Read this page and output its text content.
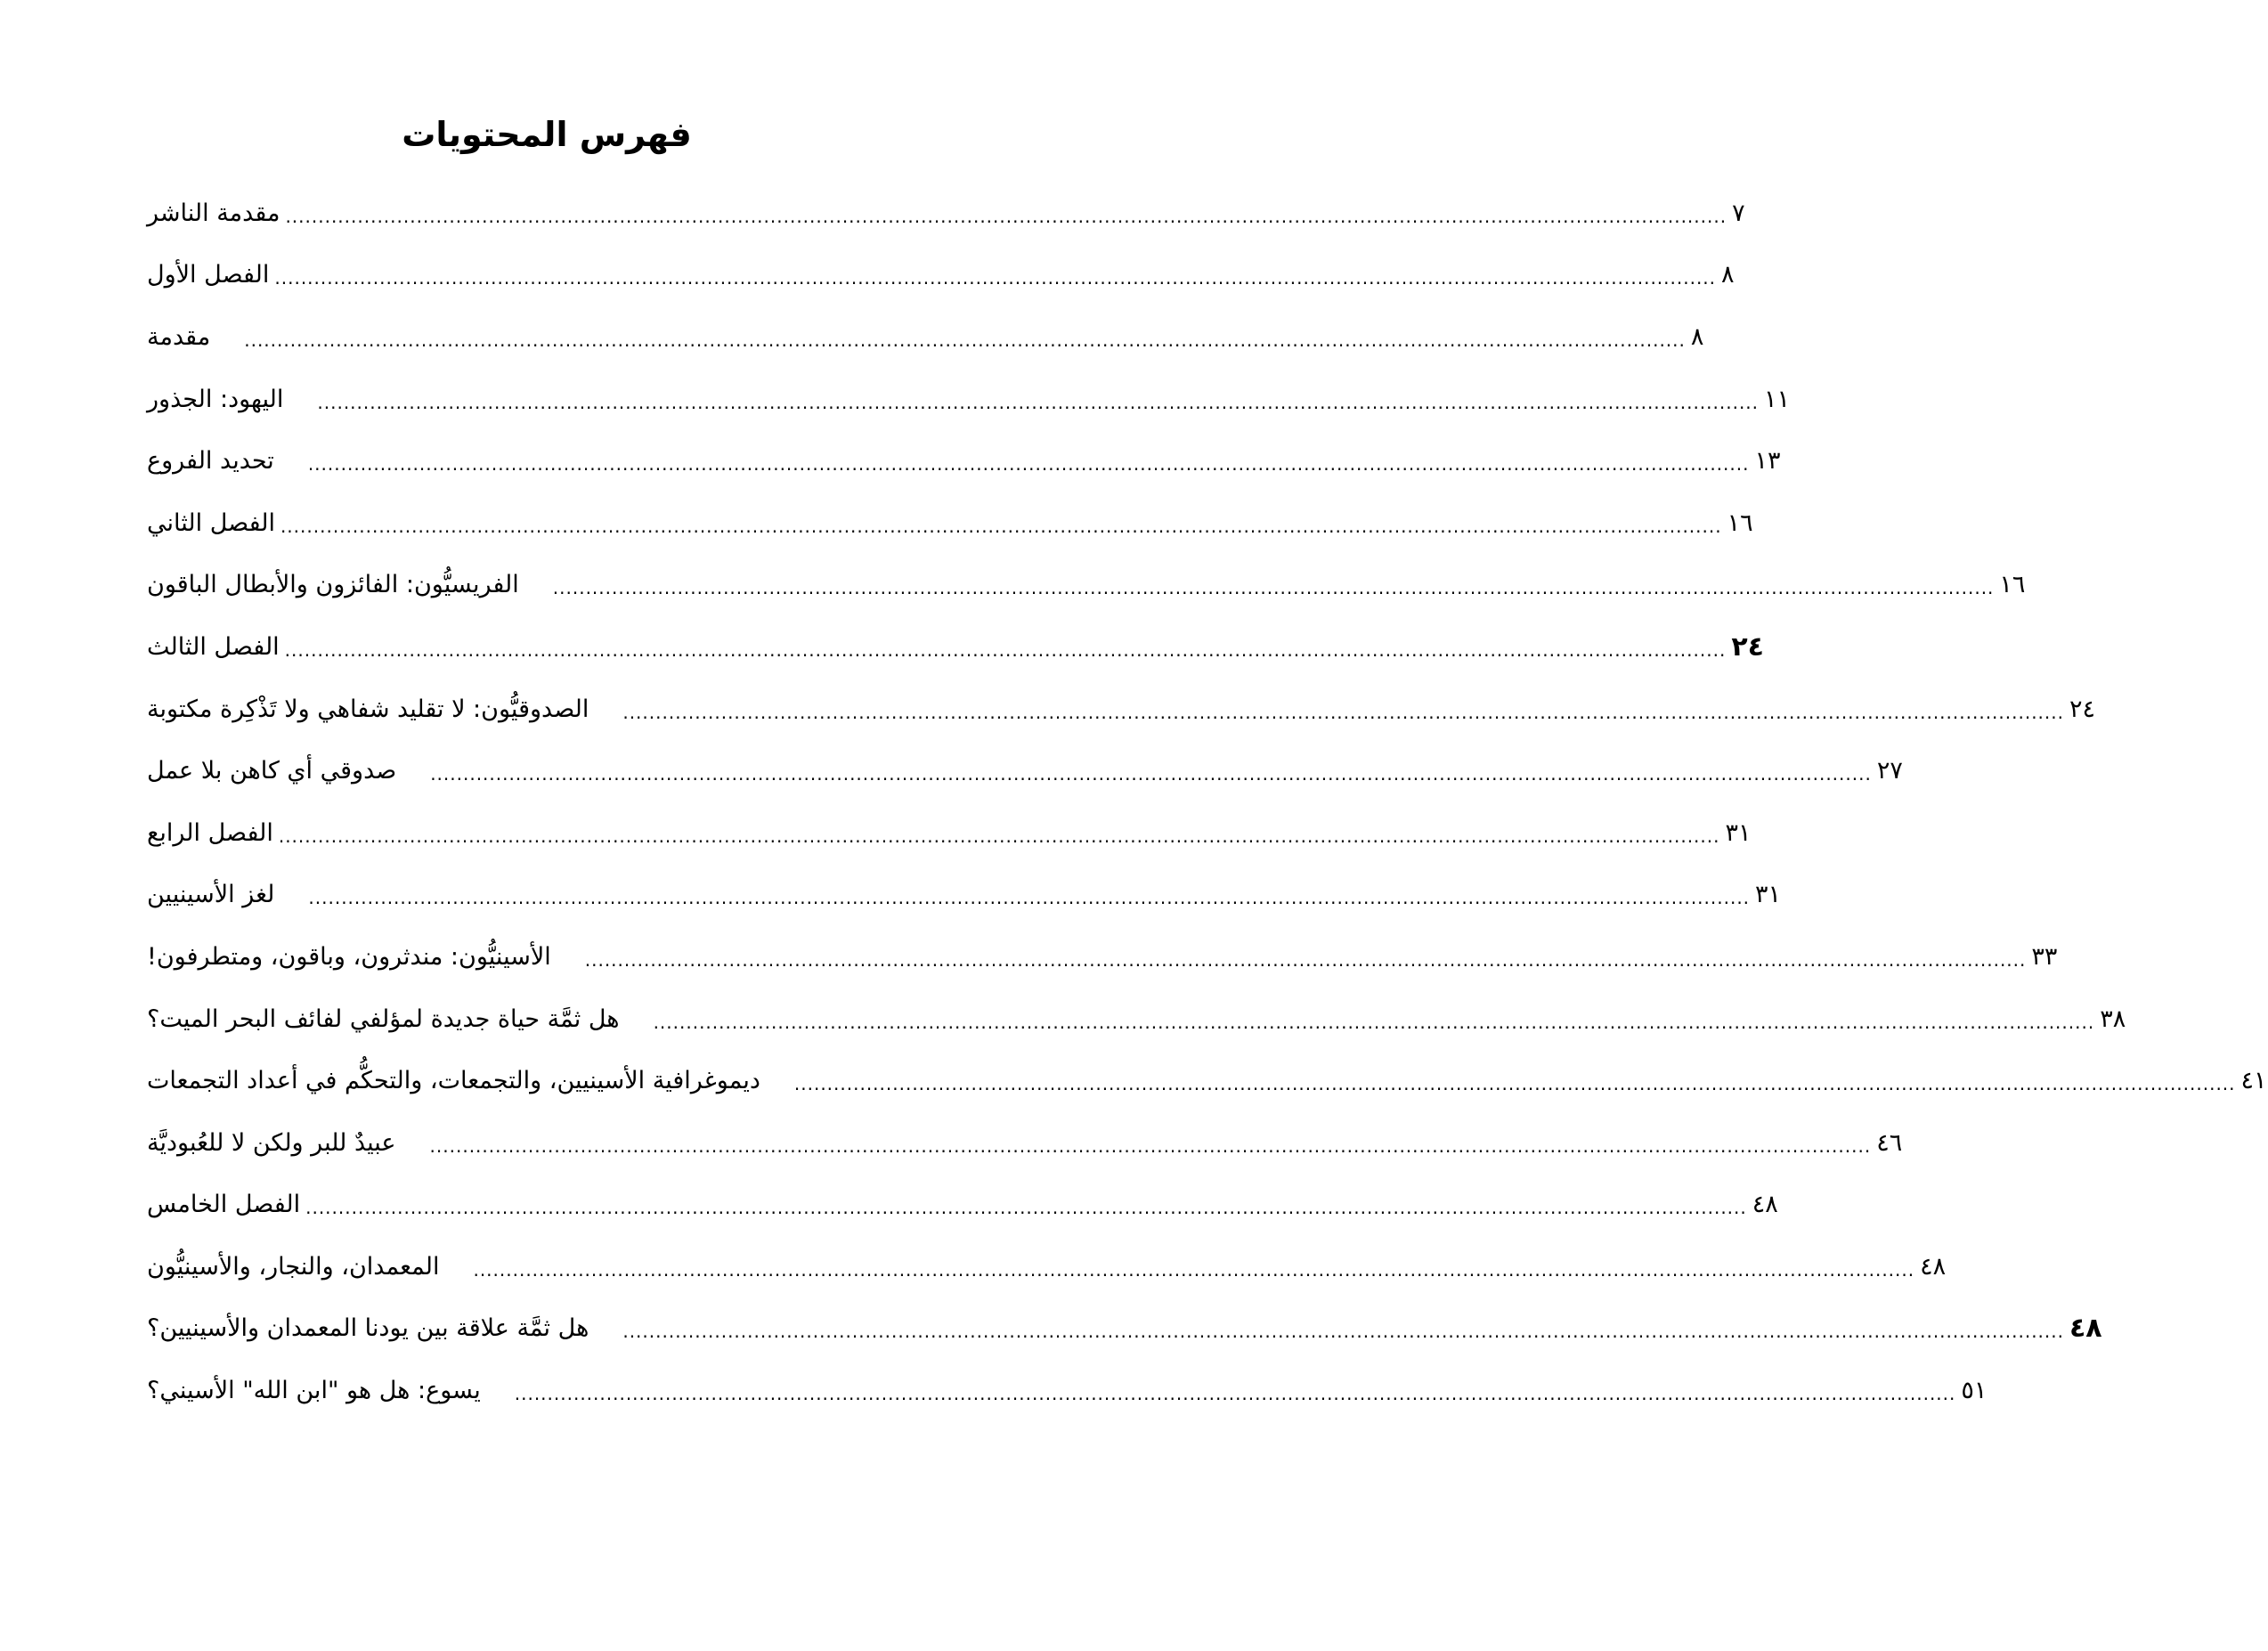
فهرس المحتويات
مقدمة الناشر ............................................................................................................................................................................................................................ ٧
الفصل الأول ............................................................................................................................................................................................................................ ٨
مقدمة ............................................................................................................................................................................................................................ ٨
اليهود: الجذور ............................................................................................................................................................................................................................ ١١
تحديد الفروع ............................................................................................................................................................................................................................ ١٣
الفصل الثاني ............................................................................................................................................................................................................................ ١٦
الفريسيُّون: الفائزون والأبطال الباقون ............................................................................................................................................................................................................................ ١٦
الفصل الثالث ............................................................................................................................................................................................................................ ٢٤
الصدوقيُّون: لا تقليد شفاهي ولا تَذْكِرة مكتوبة ............................................................................................................................................................................................................................ ٢٤
صدوقي أي كاهن بلا عمل ............................................................................................................................................................................................................................ ٢٧
الفصل الرابع ............................................................................................................................................................................................................................ ٣١
لغز الأسينيين ............................................................................................................................................................................................................................ ٣١
الأسينيُّون: مندثرون، وباقون، ومتطرفون! ............................................................................................................................................................................................................................ ٣٣
هل ثمَّة حياة جديدة لمؤلفي لفائف البحر الميت؟ ............................................................................................................................................................................................................................ ٣٨
ديموغرافية الأسينيين، والتجمعات، والتحكُّم في أعداد التجمعات ............................................................................................................................................................................................................................ ٤١
عبيدٌ للبر ولكن لا للعُبوديَّة ............................................................................................................................................................................................................................ ٤٦
الفصل الخامس ............................................................................................................................................................................................................................ ٤٨
المعمدان، والنجار، والأسينيُّون ............................................................................................................................................................................................................................ ٤٨
هل ثمَّة علاقة بين يودنا المعمدان والأسينيين؟ ............................................................................................................................................................................................................................ ٤٨
يسوع: هل هو "ابن الله" الأسيني؟ ............................................................................................................................................................................................................................ ٥١
